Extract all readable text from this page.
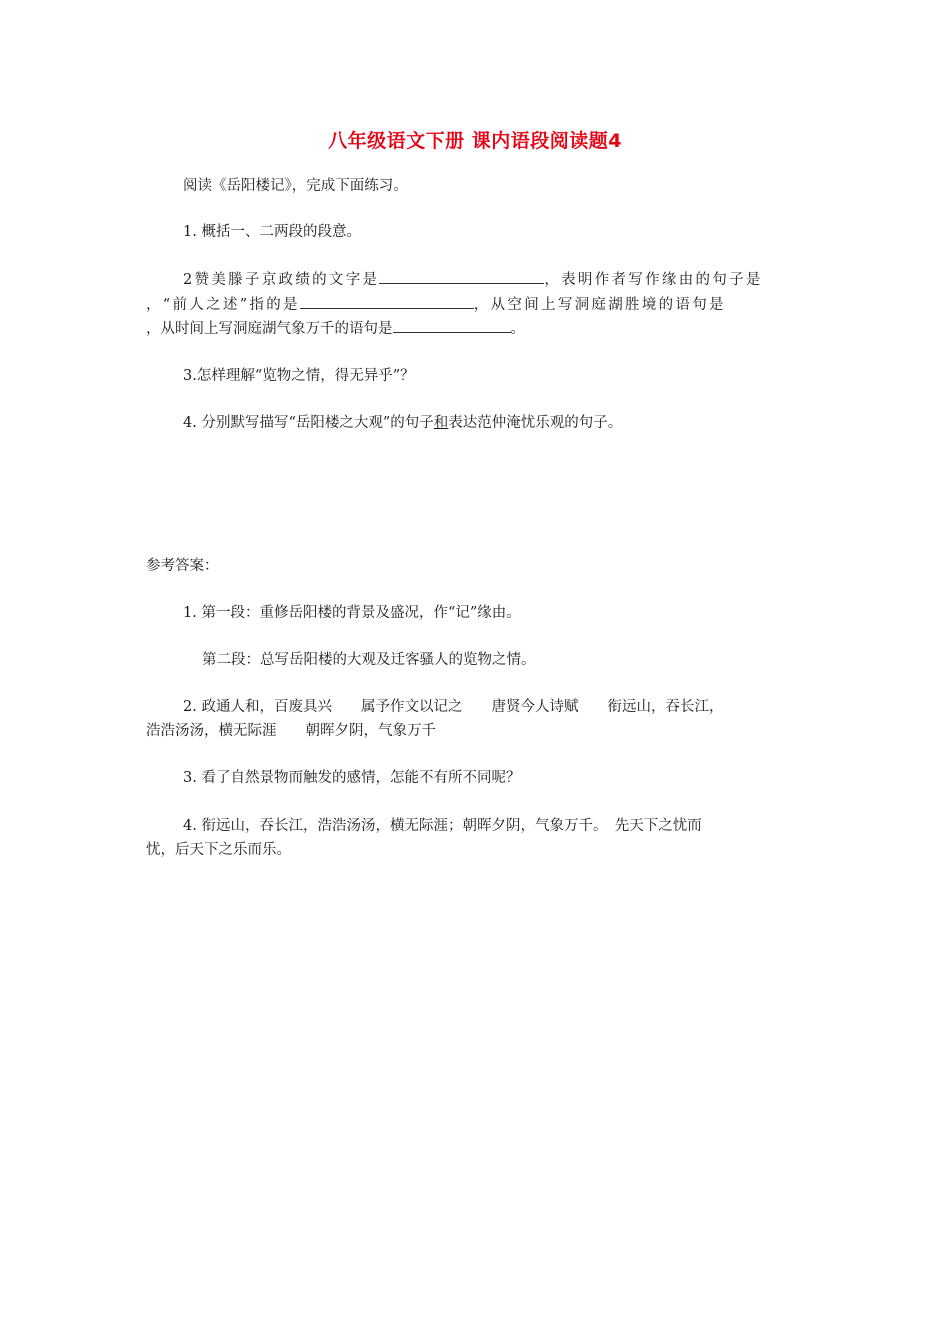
八年级语文下册 课内语段阅读题4
阅读《岳阳楼记》，完成下面练习。
1. 概括一、二两段的段意。
2赞美滕子京政绩的文字是	，表明作者写作缘由的句子是
，“前人之述”指的是	，从空间上写洞庭湖胜境的语句是
，从时间上写洞庭湖气象万千的语句是	。
3.怎样理解“览物之情，得无异乎”？
4. 分别默写描写“岳阳楼之大观”的句子和表达范仲淹忧乐观的句子。
参考答案：
1. 第一段：重修岳阳楼的背景及盛况，作“记”缘由。
第二段：总写岳阳楼的大观及迁客骚人的览物之情。
2. 政通人和，百废具兴　　属予作文以记之　　唐贤今人诗赋　　衔远山，吞长江，
浩浩汤汤，横无际涯　　朝晖夕阴，气象万千
3. 看了自然景物而触发的感情，怎能不有所不同呢？
4. 衔远山，吞长江，浩浩汤汤，横无际涯；朝晖夕阴，气象万千。　先天下之忧而
忧，后天下之乐而乐。
